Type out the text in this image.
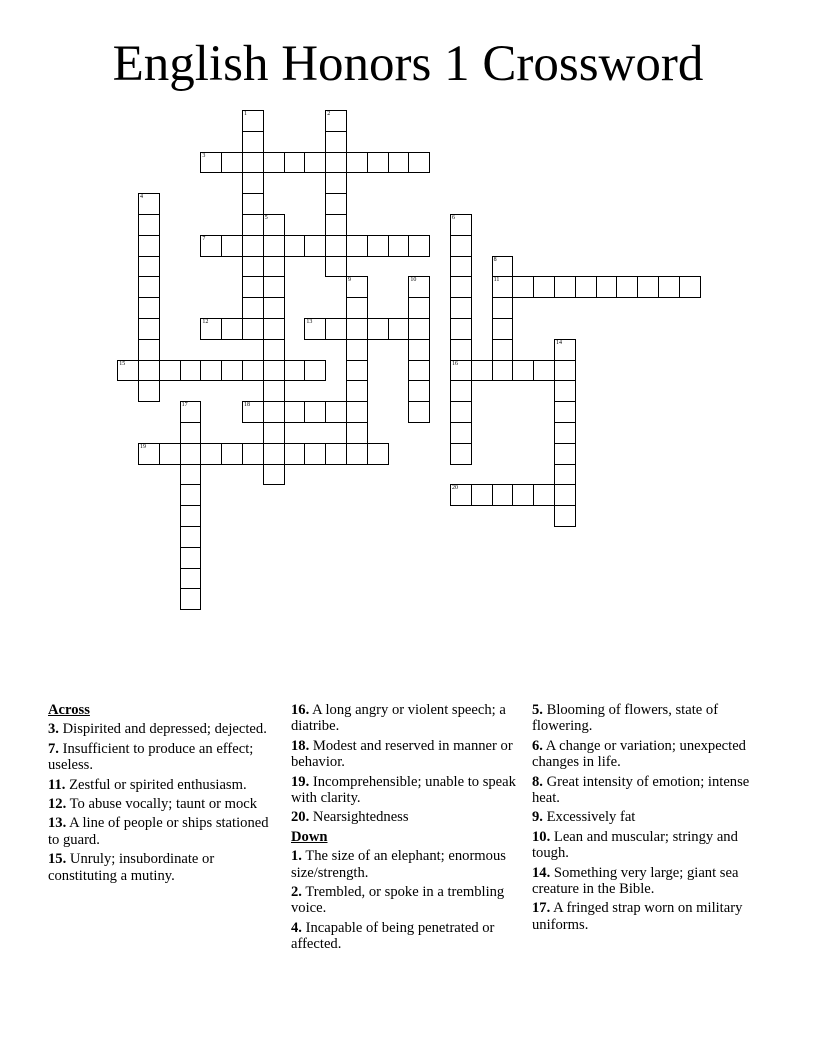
English Honors 1 Crossword
1	2
3
4
5	6
16
7
8
11
9	10
12	13
14
15
17	18
19
20
Across
3. Dispirited and depressed; dejected.
7. Insufficient to produce an effect; useless.
11. Zestful or spirited enthusiasm.
12. To abuse vocally; taunt or mock
13. A line of people or ships stationed to guard.
15. Unruly; insubordinate or constituting a mutiny.
16. A long angry or violent speech; a diatribe.
18. Modest and reserved in manner or behavior.
19. Incomprehensible; unable to speak with clarity.
20. Nearsightedness
Down
1. The size of an elephant; enormous size/strength.
2. Trembled, or spoke in a trembling voice.
4. Incapable of being penetrated or affected.
5. Blooming of flowers, state of flowering.
6. A change or variation; unexpected changes in life.
8. Great intensity of emotion; intense heat.
9. Excessively fat
10. Lean and muscular; stringy and tough.
14. Something very large; giant sea creature in the Bible.
17. A fringed strap worn on military uniforms.
